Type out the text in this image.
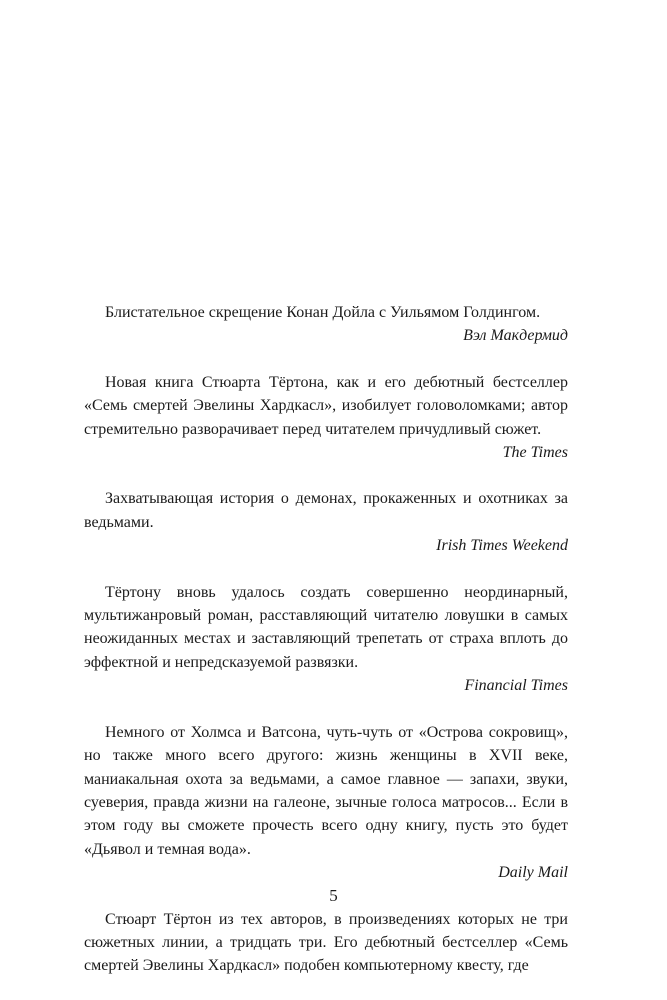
Блистательное скрещение Конан Дойла с Уильямом Голдингом.

Вэл Макдермид

Новая книга Стюарта Тёртона, как и его дебютный бестселлер «Семь смертей Эвелины Хардкасл», изобилует головоломками; автор стремительно разворачивает перед читателем причудливый сюжет.

The Times

Захватывающая история о демонах, прокаженных и охотниках за ведьмами.

Irish Times Weekend

Тёртону вновь удалось создать совершенно неординарный, мультижанровый роман, расставляющий читателю ловушки в самых неожиданных местах и заставляющий трепетать от страха вплоть до эффектной и непредсказуемой развязки.

Financial Times

Немного от Холмса и Ватсона, чуть-чуть от «Острова сокровищ», но также много всего другого: жизнь женщины в XVII веке, маниакальная охота за ведьмами, а самое главное — запахи, звуки, суеверия, правда жизни на галеоне, зычные голоса матросов... Если в этом году вы сможете прочесть всего одну книгу, пусть это будет «Дьявол и темная вода».

Daily Mail

Стюарт Тёртон из тех авторов, в произведениях которых не три сюжетных линии, а тридцать три. Его дебютный бестселлер «Семь смертей Эвелины Хардкасл» подобен компьютерному квесту, где

5
